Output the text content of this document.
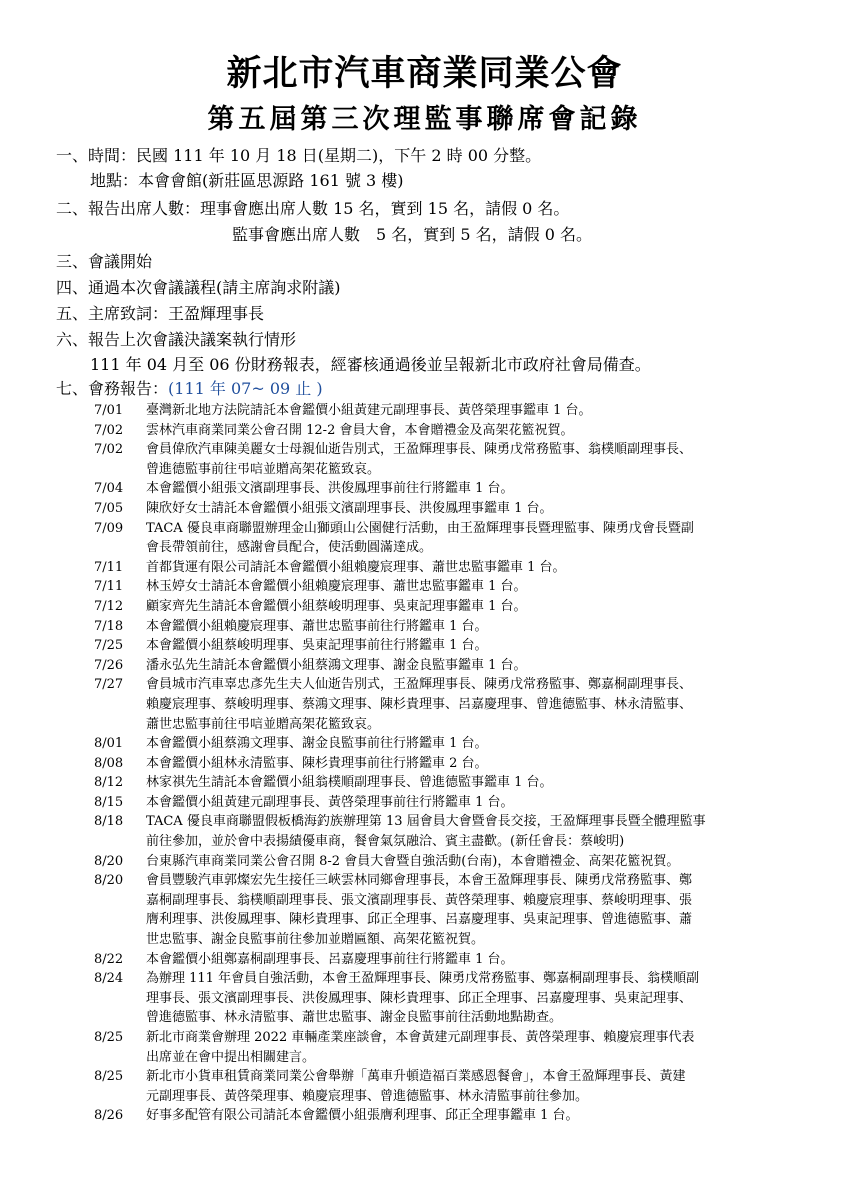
新北市汽車商業同業公會
第五屆第三次理監事聯席會記錄
一、時間：民國 111 年 10 月 18 日(星期二)，下午 2 時 00 分整。
地點：本會會館(新莊區思源路 161 號 3 樓)
二、報告出席人數：理事會應出席人數 15 名，實到 15 名，請假 0 名。
監事會應出席人數　5 名，實到 5 名，請假 0 名。
三、會議開始
四、通過本次會議議程(請主席詢求附議)
五、主席致詞：王盈輝理事長
六、報告上次會議決議案執行情形
111 年 04 月至 06 份財務報表，經審核通過後並呈報新北市政府社會局備查。
七、會務報告：(111 年 07~ 09 止 )
7/01	臺灣新北地方法院請託本會鑑價小組黃建元副理事長、黃啓榮理事鑑車 1 台。
7/02	雲林汽車商業同業公會召開 12-2 會員大會，本會贈禮金及高架花籃祝賀。
7/02	會員偉欣汽車陳美麗女士母親仙逝告別式，王盈輝理事長、陳勇戊常務監事、翁樸順副理事長、
曾進德監事前往弔唁並贈高架花籃致哀。
7/04	本會鑑價小組張文濱副理事長、洪俊鳳理事前往行將鑑車 1 台。
7/05	陳欣妤女士請託本會鑑價小組張文濱副理事長、洪俊鳳理事鑑車 1 台。
7/09	TACA 優良車商聯盟辦理金山獅頭山公園健行活動，由王盈輝理事長暨理監事、陳勇戊會長暨副
會長帶領前往，感謝會員配合，使活動圓滿達成。
7/11	首都貨運有限公司請託本會鑑價小組賴慶宸理事、蕭世忠監事鑑車 1 台。
7/11	林玉婷女士請託本會鑑價小組賴慶宸理事、蕭世忠監事鑑車 1 台。
7/12	顧家齊先生請託本會鑑價小組蔡峻明理事、吳東記理事鑑車 1 台。
7/18	本會鑑價小組賴慶宸理事、蕭世忠監事前往行將鑑車 1 台。
7/25	本會鑑價小組蔡峻明理事、吳東記理事前往行將鑑車 1 台。
7/26	潘永弘先生請託本會鑑價小組蔡鴻文理事、謝金良監事鑑車 1 台。
7/27	會員城市汽車辜忠彥先生夫人仙逝告別式，王盈輝理事長、陳勇戊常務監事、鄭嘉桐副理事長、
賴慶宸理事、蔡峻明理事、蔡鴻文理事、陳杉貴理事、呂嘉慶理事、曾進德監事、林永清監事、
蕭世忠監事前往弔唁並贈高架花籃致哀。
8/01	本會鑑價小組蔡鴻文理事、謝金良監事前往行將鑑車 1 台。
8/08	本會鑑價小組林永清監事、陳杉貴理事前往行將鑑車 2 台。
8/12	林家祺先生請託本會鑑價小組翁樸順副理事長、曾進德監事鑑車 1 台。
8/15	本會鑑價小組黃建元副理事長、黃啓榮理事前往行將鑑車 1 台。
8/18	TACA 優良車商聯盟假板橋海釣族辦理第 13 屆會員大會暨會長交接，王盈輝理事長暨全體理監事
前往參加，並於會中表揚績優車商，餐會氣氛融洽、賓主盡歡。(新任會長：蔡峻明)
8/20	台東縣汽車商業同業公會召開 8-2 會員大會暨自強活動(台南)，本會贈禮金、高架花籃祝賀。
8/20	會員豐駿汽車郭燦宏先生接任三峽雲林同鄉會理事長，本會王盈輝理事長、陳勇戊常務監事、鄭
嘉桐副理事長、翁樸順副理事長、張文濱副理事長、黃啓榮理事、賴慶宸理事、蔡峻明理事、張
膺利理事、洪俊鳳理事、陳杉貴理事、邱正全理事、呂嘉慶理事、吳東記理事、曾進德監事、蕭
世忠監事、謝金良監事前往參加並贈匾額、高架花籃祝賀。
8/22	本會鑑價小組鄭嘉桐副理事長、呂嘉慶理事前往行將鑑車 1 台。
8/24	為辦理 111 年會員自強活動，本會王盈輝理事長、陳勇戊常務監事、鄭嘉桐副理事長、翁樸順副
理事長、張文濱副理事長、洪俊鳳理事、陳杉貴理事、邱正全理事、呂嘉慶理事、吳東記理事、
曾進德監事、林永清監事、蕭世忠監事、謝金良監事前往活動地點勘查。
8/25	新北市商業會辦理 2022 車輛產業座談會，本會黃建元副理事長、黃啓榮理事、賴慶宸理事代表
出席並在會中提出相關建言。
8/25	新北市小貨車租賃商業同業公會舉辦「萬車升頓造福百業感恩餐會」，本會王盈輝理事長、黃建
元副理事長、黃啓榮理事、賴慶宸理事、曾進德監事、林永清監事前往參加。
8/26	好事多配管有限公司請託本會鑑價小組張膺利理事、邱正全理事鑑車 1 台。
